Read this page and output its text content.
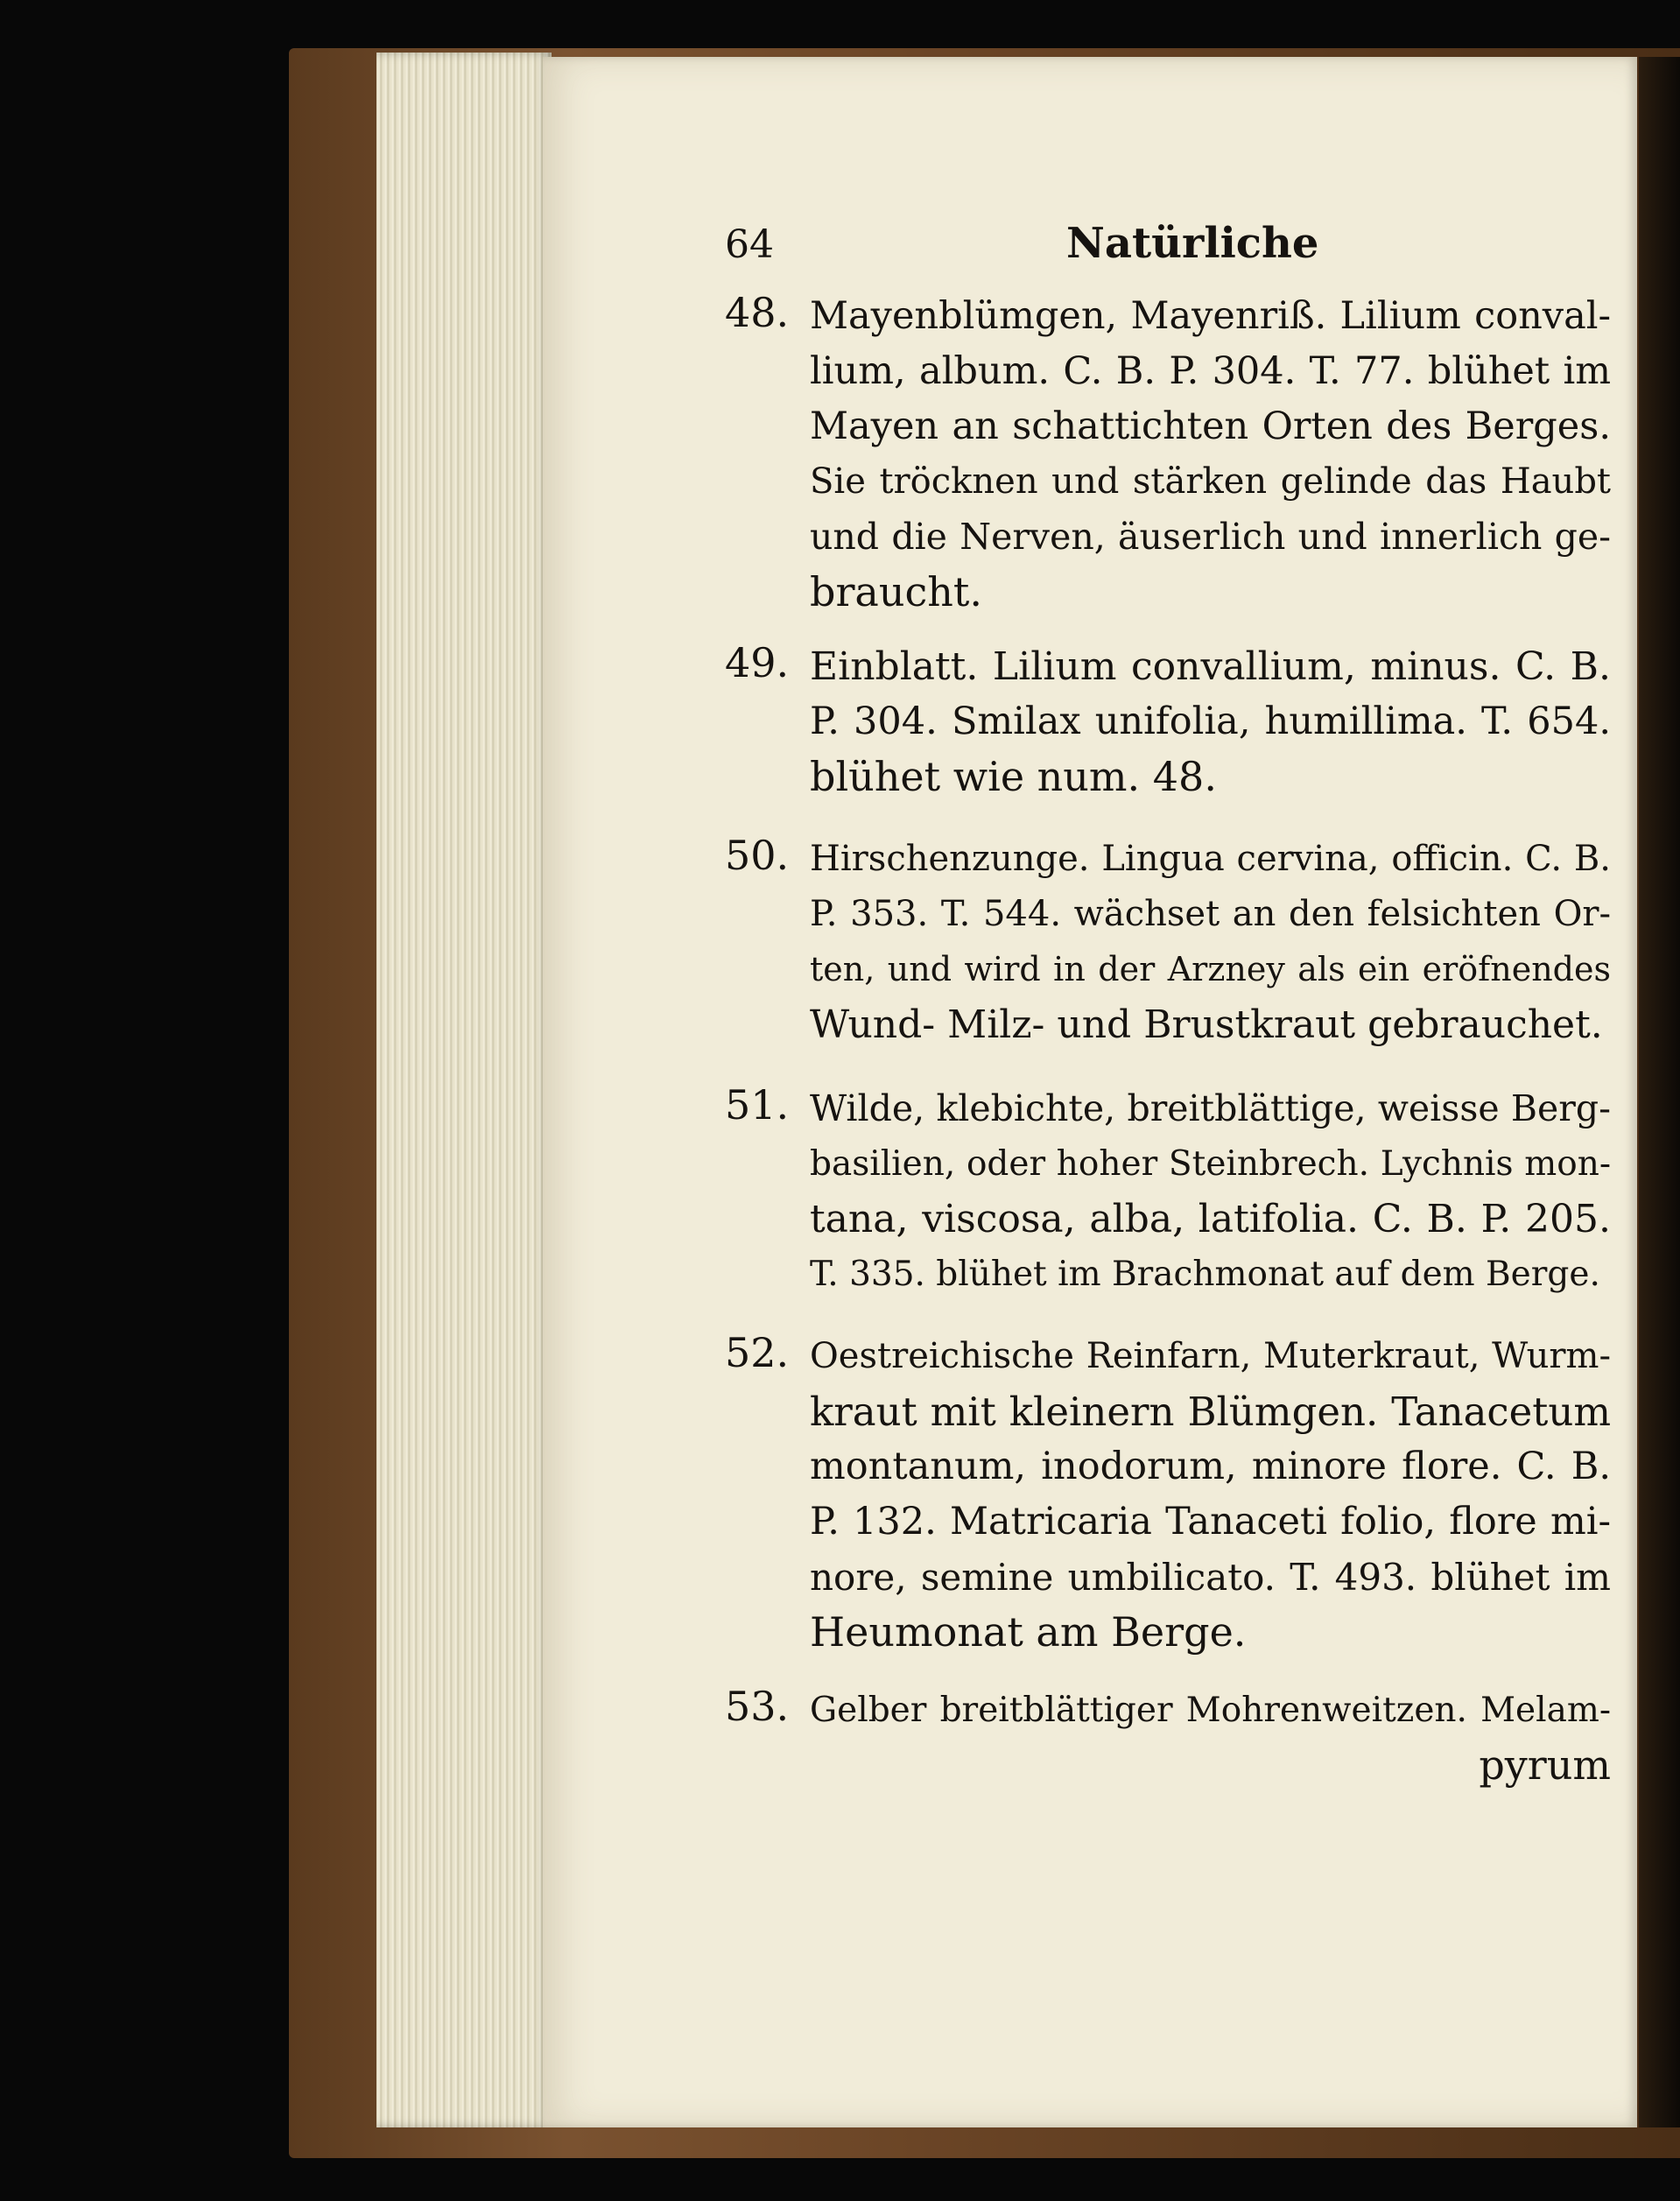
64	Natürliche
48. Mayenblümgen, Mayenriß. Lilium conval-
lium, album. C. B. P. 304. T. 77. blühet im
Mayen an schattichten Orten des Berges.
Sie tröcknen und stärken gelinde das Haubt
und die Nerven, äuserlich und innerlich ge-
braucht.
49. Einblatt. Lilium convallium, minus. C. B.
P. 304. Smilax unifolia, humillima. T. 654.
blühet wie num. 48.
50. Hirschenzunge. Lingua cervina, officin. C. B.
P. 353. T. 544. wächset an den felsichten Or-
ten, und wird in der Arzney als ein eröfnendes
Wund- Milz- und Brustkraut gebrauchet.
51. Wilde, klebichte, breitblättige, weisse Berg-
basilien, oder hoher Steinbrech. Lychnis mon-
tana, viscosa, alba, latifolia. C. B. P. 205.
T. 335. blühet im Brachmonat auf dem Berge.
52. Oestreichische Reinfarn, Muterkraut, Wurm-
kraut mit kleinern Blümgen. Tanacetum
montanum, inodorum, minore flore. C. B.
P. 132. Matricaria Tanaceti folio, flore mi-
nore, semine umbilicato. T. 493. blühet im
Heumonat am Berge.
53. Gelber breitblättiger Mohrenweitzen. Melam-
pyrum
